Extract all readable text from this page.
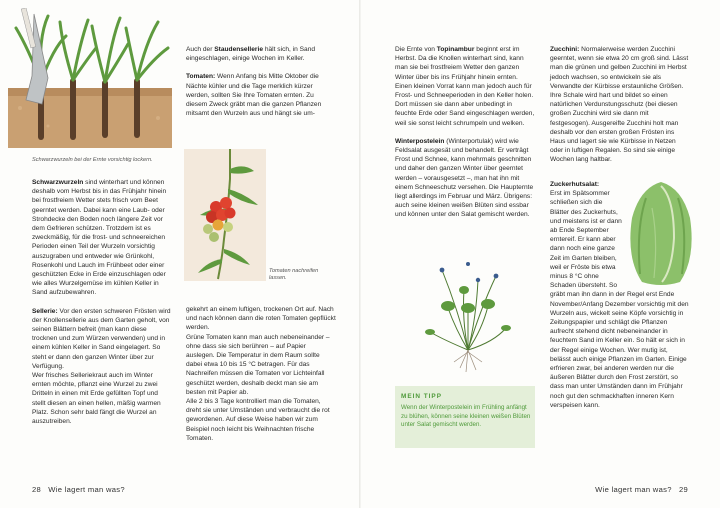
Schwarzwurzeln bei der Ernte vorsichtig lockern.

Schwarzwurzeln sind winterhart und können deshalb vom Herbst bis in das Frühjahr hinein bei frostfreiem Wetter stets frisch vom Beet geerntet werden. Dabei kann eine Laub- oder Strohdecke den Boden noch längere Zeit vor dem Gefrieren schützen. Trotzdem ist es zweckmäßig, für die frost- und schneereichen Perioden einen Teil der Wurzeln vorsichtig auszugraben und entweder wie Grünkohl, Rosenkohl und Lauch im Frühbeet oder einer geschützten Ecke in Erde einzuschlagen oder wie alles Wurzelgemüse im kühlen Keller in Sand aufzubewahren.

Sellerie: Vor den ersten schweren Frösten wird der Knollensellerie aus dem Garten geholt, von seinen Blättern befreit (man kann diese trocknen und zum Würzen verwenden) und in einem kühlen Keller in Sand eingelagert. So steht er dann den ganzen Winter über zur Verfügung.

Wer frisches Selleriekraut auch im Winter ernten möchte, pflanzt eine Wurzel zu zwei Dritteln in einen mit Erde gefüllten Topf und stellt diesen an einen hellen, mäßig warmen Platz. Schon sehr bald fängt die Wurzel an auszutreiben.

Auch der Staudensellerie hält sich, in Sand eingeschlagen, einige Wochen im Keller.

Tomaten: Wenn Anfang bis Mitte Oktober die Nächte kühler und die Tage merklich kürzer werden, sollten Sie Ihre Tomaten ernten. Zu diesem Zweck gräbt man die ganzen Pflanzen mitsamt den Wurzeln aus und hängt sie um-

Tomaten nachreifen lassen.

gekehrt an einem luftigen, trockenen Ort auf. Nach und nach können dann die roten Tomaten gepflückt werden.

Grüne Tomaten kann man auch nebeneinander – ohne dass sie sich berühren – auf Papier auslegen. Die Temperatur in dem Raum sollte dabei etwa 10 bis 15 °C betragen. Für das Nachreifen müssen die Tomaten vor Lichteinfall geschützt werden, deshalb deckt man sie am besten mit Papier ab.

Alle 2 bis 3 Tage kontrolliert man die Tomaten, dreht sie unter Umständen und verbraucht die rot gewordenen. Auf diese Weise haben wir zum Beispiel noch leicht bis Weihnachten frische Tomaten.

28 Wie lagert man was?

Die Ernte von Topinambur beginnt erst im Herbst. Da die Knollen winterhart sind, kann man sie bei frostfreiem Wetter den ganzen Winter über bis ins Frühjahr hinein ernten. Einen kleinen Vorrat kann man jedoch auch für Frost- und Schneeperioden in den Keller holen. Dort müssen sie dann aber unbedingt in feuchte Erde oder Sand eingeschlagen werden, weil sie sonst leicht schrumpeln und welken.

Winterpostelein (Winterportulak) wird wie Feldsalat ausgesät und behandelt. Er verträgt Frost und Schnee, kann mehrmals geschnitten und daher den ganzen Winter über geerntet werden – vorausgesetzt –, man hat ihn mit einem Schneeschutz versehen. Die Haupternte liegt allerdings im Februar und März. Übrigens: auch seine kleinen weißen Blüten sind essbar und können unter den Salat gemischt werden.

MEIN TIPP
Wenn der Winterpostelein im Frühling anfängt zu blühen, können seine kleinen weißen Blüten unter Salat gemischt werden.

Zucchini: Normalerweise werden Zucchini geerntet, wenn sie etwa 20 cm groß sind. Lässt man die grünen und gelben Zucchini im Herbst jedoch wachsen, so entwickeln sie als Verwandte der Kürbisse erstaunliche Größen. Ihre Schale wird hart und bildet so einen natürlichen Verdunstungsschutz (bei diesen großen Zucchini wird sie dann mit festgesogen). Ausgereifte Zucchini holt man deshalb vor den ersten großen Frösten ins Haus und lagert sie wie Kürbisse in Netzen oder in luftigen Regalen. So sind sie einige Wochen lang haltbar.

Zuckerhutsalat:

Erst im Spätsommer schließen sich die Blätter des Zuckerhuts, und meistens ist er dann ab Ende September erntereif. Er kann aber dann noch eine ganze Zeit im Garten bleiben, weil er Fröste bis etwa minus 8 °C ohne Schaden übersteht. So gräbt man ihn dann in der Regel erst Ende November/Anfang Dezember vorsichtig mit den Wurzeln aus, wickelt seine Köpfe vorsichtig in Zeitungspapier und schlägt die Pflanzen aufrecht stehend dicht nebeneinander in feuchtem Sand im Keller ein. So hält er sich in der Regel einige Wochen. Wer mutig ist, belässt auch einige Pflanzen im Garten. Einige erfrieren zwar, bei anderen werden nur die äußeren Blätter durch den Frost zerstört, so dass man unter Umständen dann im Frühjahr noch gut den schmackhaften inneren Kern verspeisen kann.

Wie lagert man was? 29
